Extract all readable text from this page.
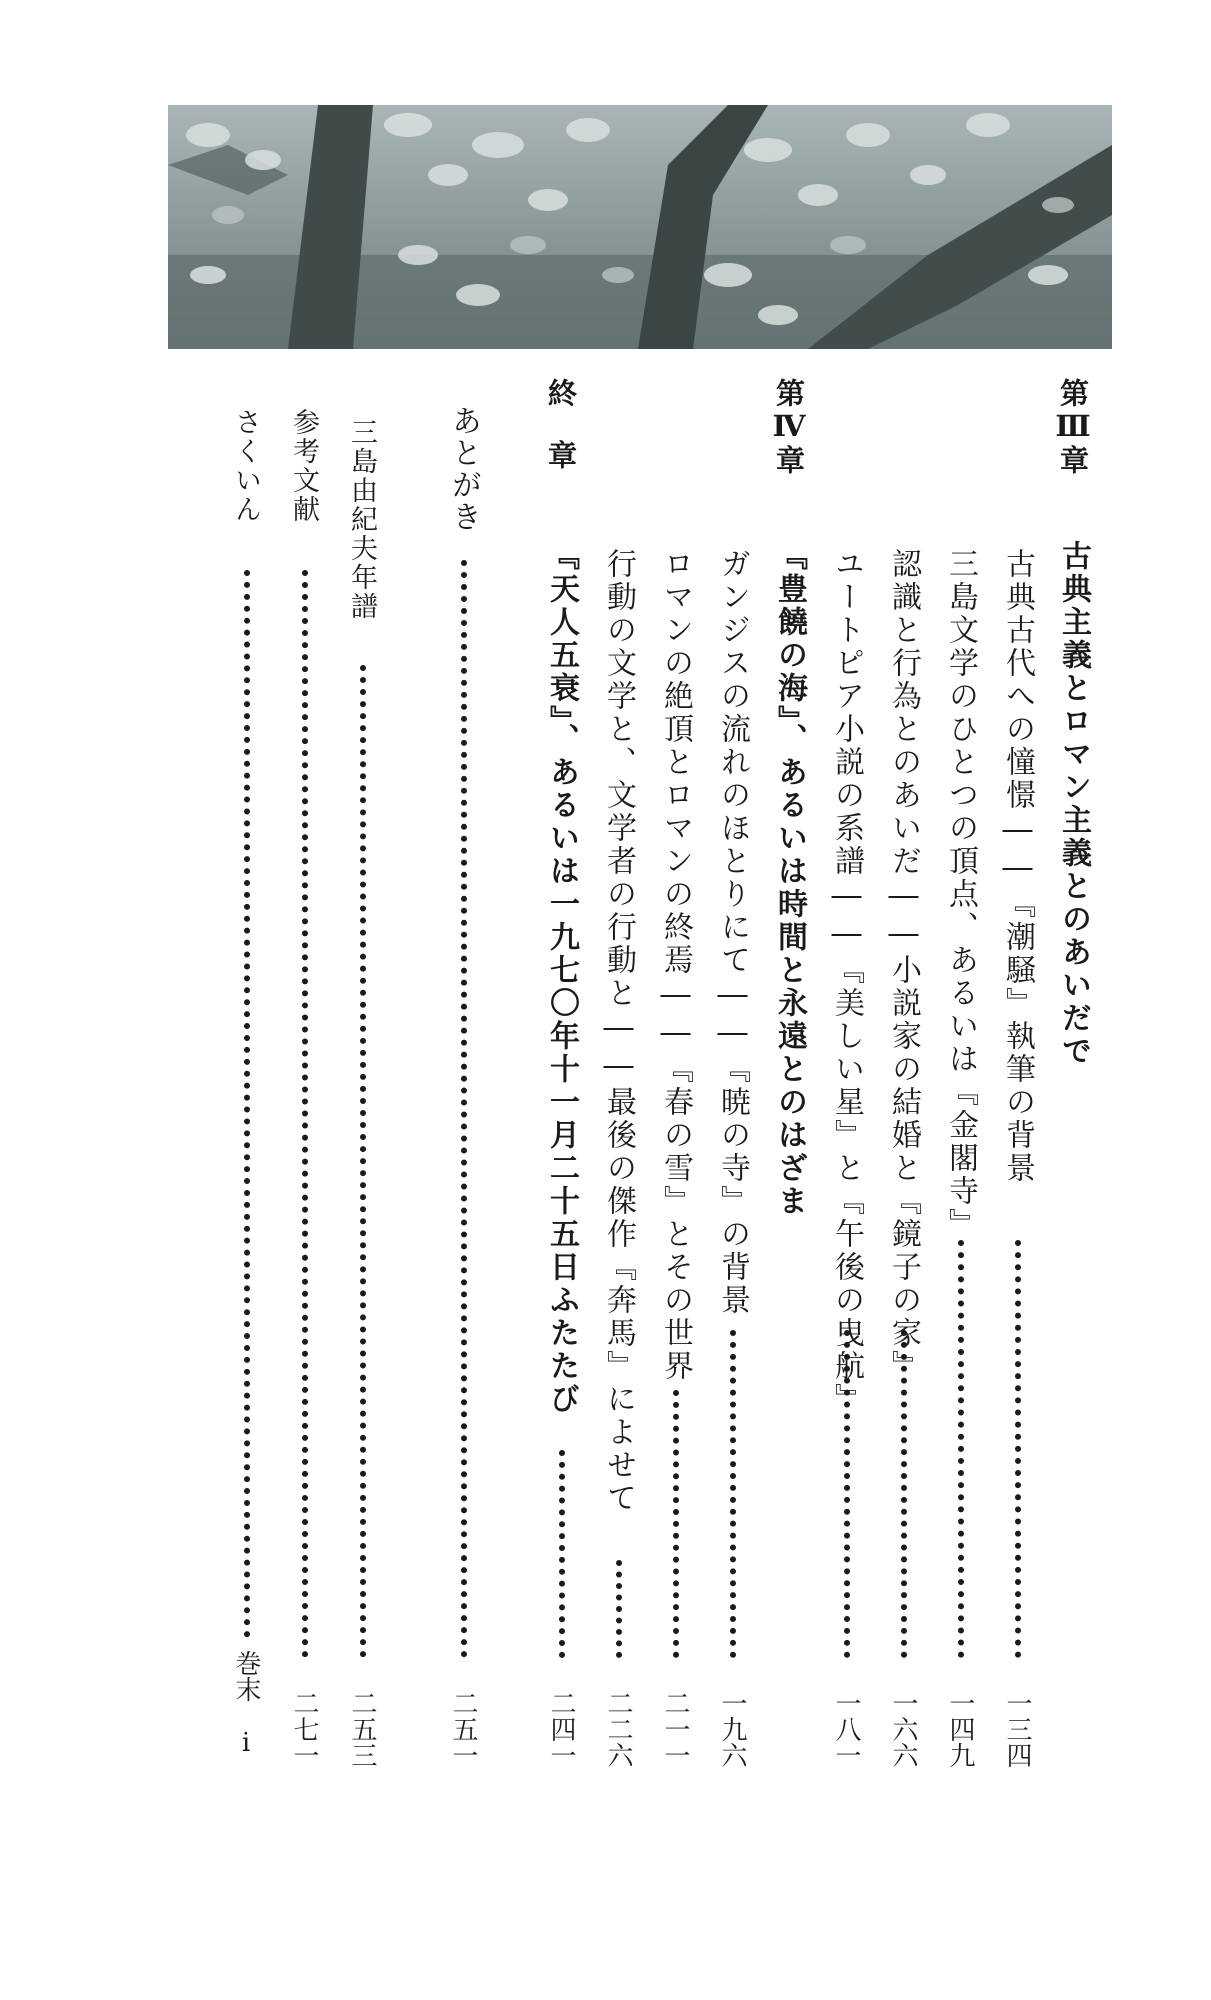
第Ⅲ章
古典主義とロマン主義とのあいだで
古典古代への憧憬――『潮騒』執筆の背景
一三四
三島文学のひとつの頂点、あるいは『金閣寺』
一四九
認識と行為とのあいだ――小説家の結婚と『鏡子の家』
一六六
ユートピア小説の系譜――『美しい星』と『午後の曳航』
一八一
第Ⅳ章
『豊饒の海』、あるいは時間と永遠とのはざま
ガンジスの流れのほとりにて――『暁の寺』の背景
一九六
ロマンの絶頂とロマンの終焉――『春の雪』とその世界
二一一
行動の文学と、文学者の行動と――最後の傑作『奔馬』によせて
二二六
終　章
『天人五衰』、あるいは一九七〇年十一月二十五日ふたたび
二四一
あとがき
二五一
三島由紀夫年譜
二五三
参考文献
二七一
さくいん
巻末　i
